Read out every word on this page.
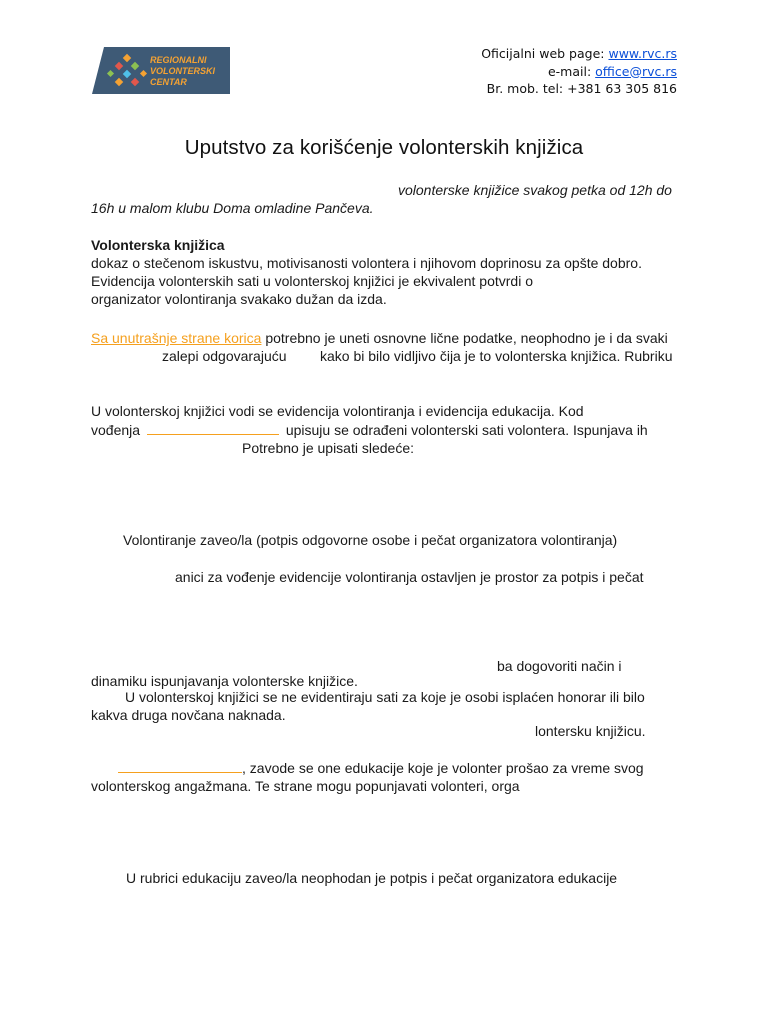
REGIONALNI
VOLONTERSKI
CENTAR
Oficijalni web page: www.rvc.rs
e-mail: office@rvc.rs
Br. mob. tel: +381 63 305 816
Uputstvo za korišćenje volonterskih knjižica
volonterske knjižice svakog petka od 12h do
16h u malom klubu Doma omladine Pančeva.
Volonterska knjižica
dokaz o stečenom iskustvu, motivisanosti volontera i njihovom doprinosu za opšte dobro.
Evidencija volonterskih sati u volonterskoj knjižici je ekvivalent potvrdi o
organizator volontiranja svakako dužan da izda.
Sa unutrašnje strane korica potrebno je uneti osnovne lične podatke, neophodno je i da svaki
zalepi odgovarajuću kako bi bilo vidljivo čija je to volonterska knjižica. Rubriku
U volonterskoj knjižici vodi se evidencija volontiranja i evidencija edukacija. Kod
vođenja	upisuju se odrađeni volonterski sati volontera. Ispunjava ih
Potrebno je upisati sledeće:
Volontiranje zaveo/la (potpis odgovorne osobe i pečat organizatora volontiranja)
anici za vođenje evidencije volontiranja ostavljen je prostor za potpis i pečat
ba dogovoriti način i
dinamiku ispunjavanja volonterske knjižice.
U volonterskoj knjižici se ne evidentiraju sati za koje je osobi isplaćen honorar ili bilo
kakva druga novčana naknada.
lontersku knjižicu.
, zavode se one edukacije koje je volonter prošao za vreme svog
volonterskog angažmana. Te strane mogu popunjavati volonteri, orga
U rubrici edukaciju zaveo/la neophodan je potpis i pečat organizatora edukacije
